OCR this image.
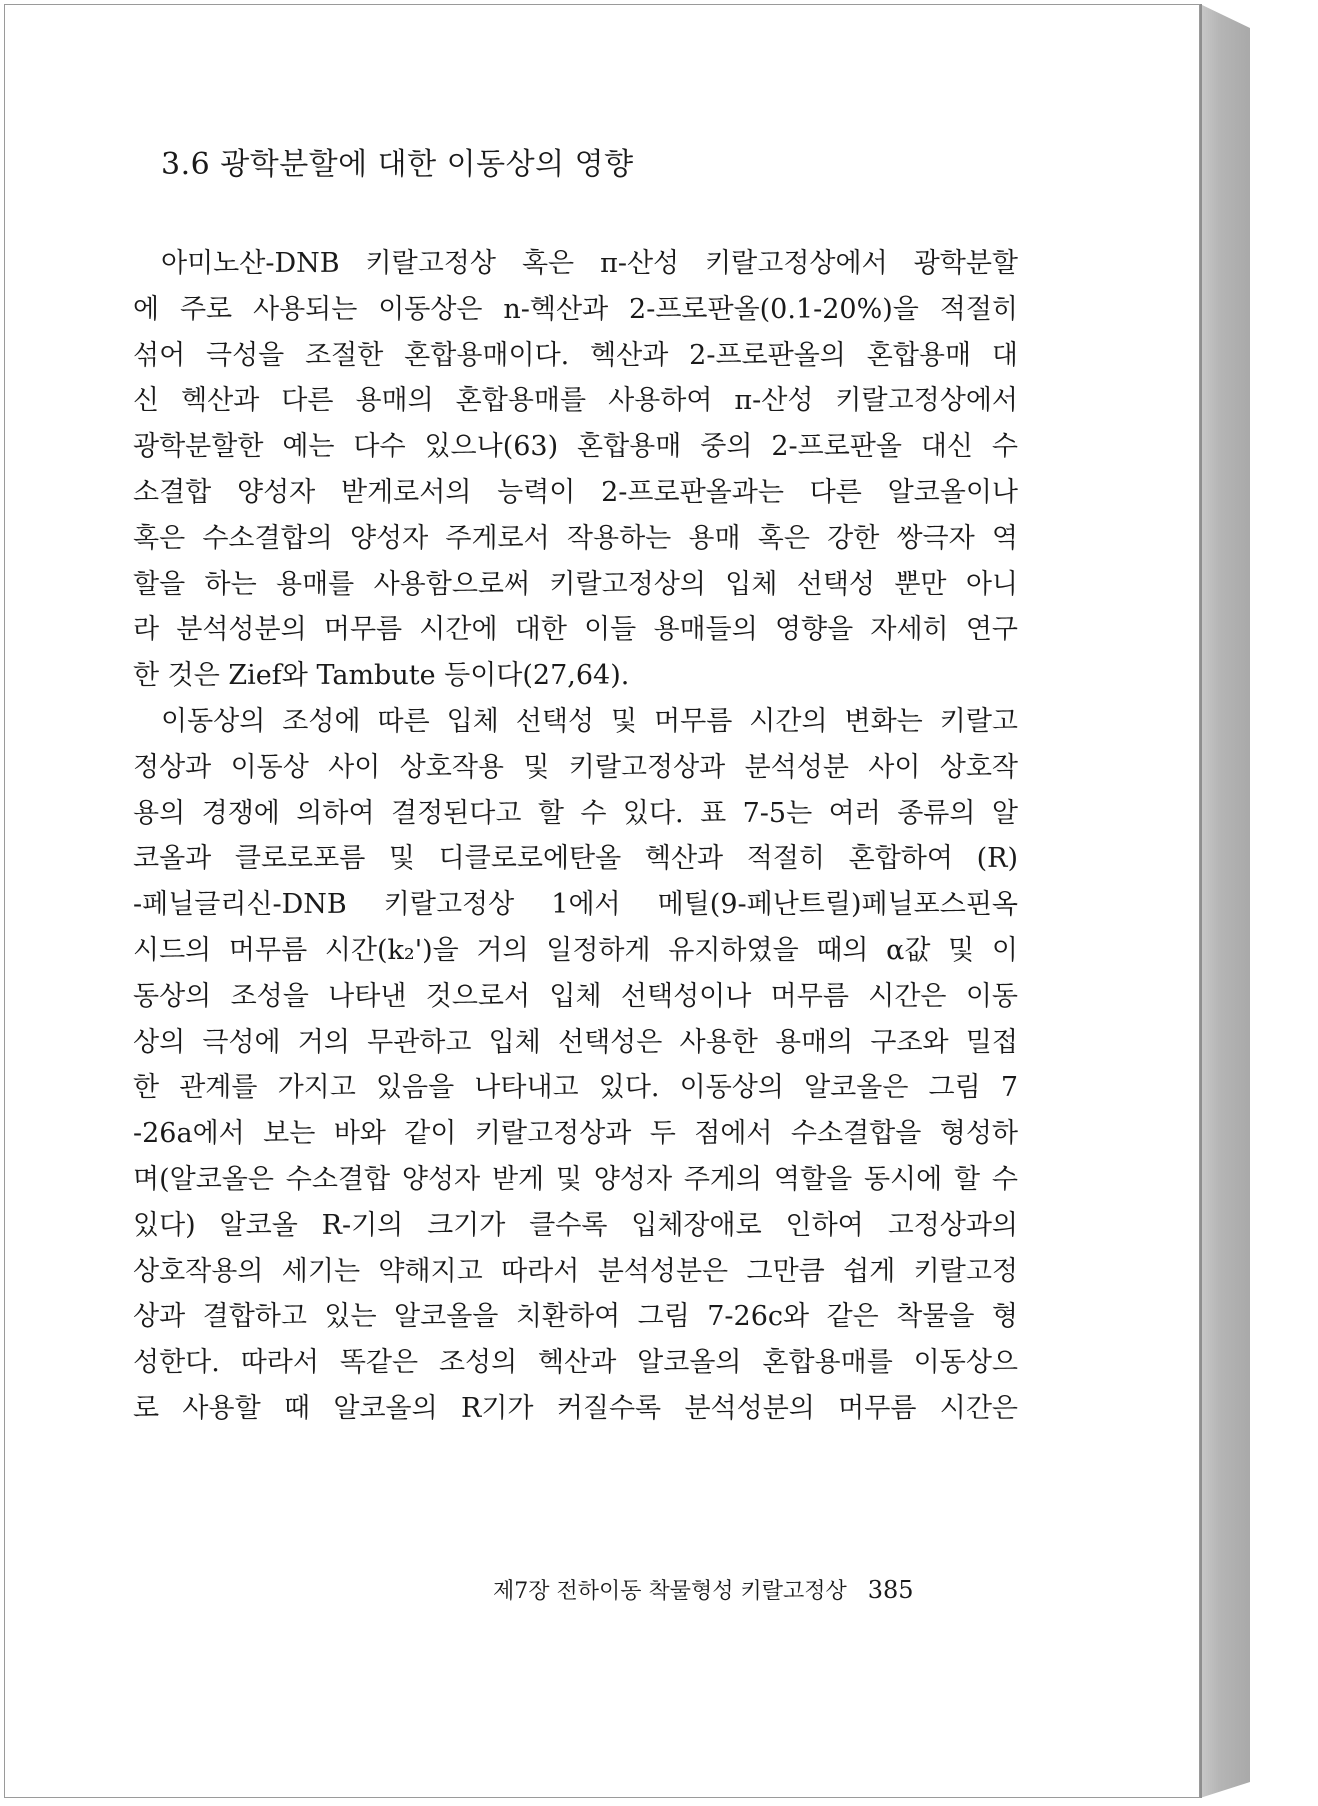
3.6 광학분할에 대한 이동상의 영향
아미노산-DNB 키랄고정상 혹은 π-산성 키랄고정상에서 광학분할
에 주로 사용되는 이동상은 n-헥산과 2-프로판올(0.1-20%)을 적절히
섞어 극성을 조절한 혼합용매이다. 헥산과 2-프로판올의 혼합용매 대
신 헥산과 다른 용매의 혼합용매를 사용하여 π-산성 키랄고정상에서
광학분할한 예는 다수 있으나(63) 혼합용매 중의 2-프로판올 대신 수
소결합 양성자 받게로서의 능력이 2-프로판올과는 다른 알코올이나
혹은 수소결합의 양성자 주게로서 작용하는 용매 혹은 강한 쌍극자 역
할을 하는 용매를 사용함으로써 키랄고정상의 입체 선택성 뿐만 아니
라 분석성분의 머무름 시간에 대한 이들 용매들의 영향을 자세히 연구
한 것은 Zief와 Tambute 등이다(27,64).
이동상의 조성에 따른 입체 선택성 및 머무름 시간의 변화는 키랄고
정상과 이동상 사이 상호작용 및 키랄고정상과 분석성분 사이 상호작
용의 경쟁에 의하여 결정된다고 할 수 있다. 표 7-5는 여러 종류의 알
코올과 클로로포름 및 디클로로에탄올 헥산과 적절히 혼합하여 (R)
-페닐글리신-DNB 키랄고정상 1에서 메틸(9-페난트릴)페닐포스핀옥
시드의 머무름 시간(k₂')을 거의 일정하게 유지하였을 때의 α값 및 이
동상의 조성을 나타낸 것으로서 입체 선택성이나 머무름 시간은 이동
상의 극성에 거의 무관하고 입체 선택성은 사용한 용매의 구조와 밀접
한 관계를 가지고 있음을 나타내고 있다. 이동상의 알코올은 그림 7
-26a에서 보는 바와 같이 키랄고정상과 두 점에서 수소결합을 형성하
며(알코올은 수소결합 양성자 받게 및 양성자 주게의 역할을 동시에 할 수
있다) 알코올 R-기의 크기가 클수록 입체장애로 인하여 고정상과의
상호작용의 세기는 약해지고 따라서 분석성분은 그만큼 쉽게 키랄고정
상과 결합하고 있는 알코올을 치환하여 그림 7-26c와 같은 착물을 형
성한다. 따라서 똑같은 조성의 헥산과 알코올의 혼합용매를 이동상으
로 사용할 때 알코올의 R기가 커질수록 분석성분의 머무름 시간은
제7장 전하이동 착물형성 키랄고정상 385
